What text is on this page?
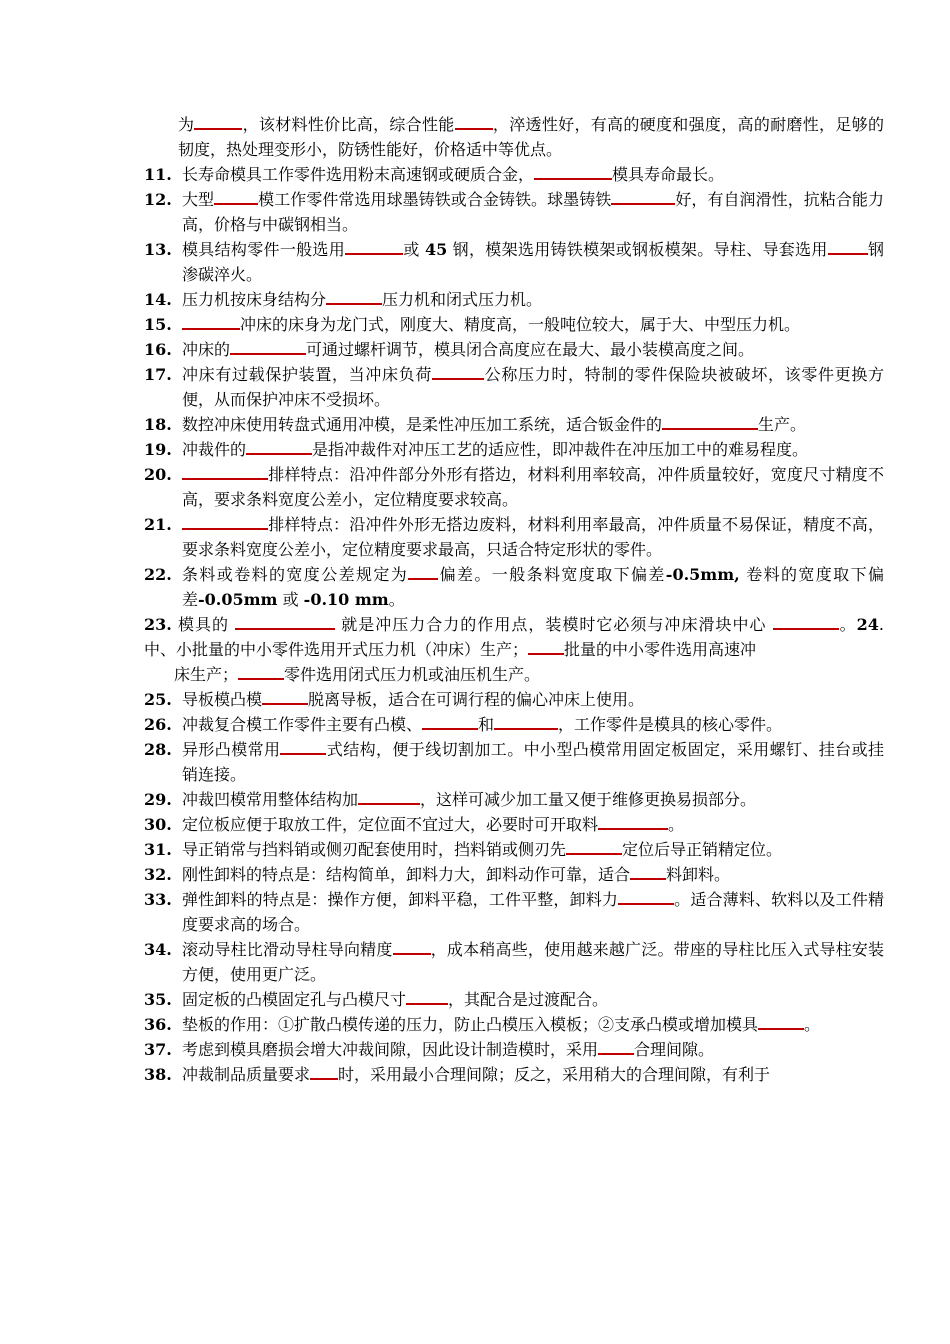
为	，该材料性价比高，综合性能 ，淬透性好，有高的硬度和强度，高的耐磨性，足够的韧度，热处理变形小，防锈性能好，价格适中等优点。
11. 长寿命模具工作零件选用粉末高速钢或硬质合金，	模具寿命最长。
12. 大型	模工作零件常选用球墨铸铁或合金铸铁。球墨铸铁	好，有自润滑性，抗粘合能力高，价格与中碳钢相当。
13. 模具结构零件一般选用	或 45 钢，模架选用铸铁模架或钢板模架。导柱、导套选用	钢渗碳淬火。
14. 压力机按床身结构分	压力机和闭式压力机。
15.	冲床的床身为龙门式，刚度大、精度高，一般吨位较大，属于大、中型压力机。
16. 冲床的	可通过螺杆调节，模具闭合高度应在最大、最小装模高度之间。
17. 冲床有过载保护装置，当冲床负荷	公称压力时，特制的零件保险块被破坏，该零件更换方便，从而保护冲床不受损坏。
18. 数控冲床使用转盘式通用冲模，是柔性冲压加工系统，适合钣金件的	生产。
19. 冲裁件的	是指冲裁件对冲压工艺的适应性，即冲裁件在冲压加工中的难易程度。
20.	排样特点：沿冲件部分外形有搭边，材料利用率较高，冲件质量较好，宽度尺寸精度不高，要求条料宽度公差小，定位精度要求较高。
21.	排样特点：沿冲件外形无搭边废料，材料利用率最高，冲件质量不易保证，精度不高，要求条料宽度公差小，定位精度要求最高，只适合特定形状的零件。
22. 条料或卷料的宽度公差规定为 偏差。一般条料宽度取下偏差-0.5mm, 卷料的宽度取下偏差-0.05mm 或 -0.10 mm。
23. 模具的	就是冲压力合力的作用点，装模时它必须与冲床滑块中心	。24. 中、小批量的中小零件选用开式压力机（冲床）生产； 批量的中小零件选用高速冲
床生产；	零件选用闭式压力机或油压机生产。
25. 导板模凸模	脱离导板，适合在可调行程的偏心冲床上使用。
26. 冲裁复合模工作零件主要有凸模、	和	，工作零件是模具的核心零件。
28. 异形凸模常用	式结构，便于线切割加工。中小型凸模常用固定板固定，采用螺钉、挂台或挂销连接。
29. 冲裁凹模常用整体结构加	，这样可减少加工量又便于维修更换易损部分。
30. 定位板应便于取放工件，定位面不宜过大，必要时可开取料	。
31. 导正销常与挡料销或侧刃配套使用时，挡料销或侧刃先	定位后导正销精定位。
32. 刚性卸料的特点是：结构简单，卸料力大，卸料动作可靠，适合 料卸料。
33. 弹性卸料的特点是：操作方便，卸料平稳，工件平整，卸料力	。适合薄料、软料以及工件精度要求高的场合。
34. 滚动导柱比滑动导柱导向精度 ，成本稍高些，使用越来越广泛。带座的导柱比压入式导柱安装方便，使用更广泛。
35. 固定板的凸模固定孔与凸模尺寸	，其配合是过渡配合。
36. 垫板的作用：①扩散凸模传递的压力，防止凸模压入模板；②支承凸模或增加模具	。
37. 考虑到模具磨损会增大冲裁间隙，因此设计制造模时，采用 合理间隙。
38. 冲裁制品质量要求 时，采用最小合理间隙；反之，采用稍大的合理间隙，有利于
